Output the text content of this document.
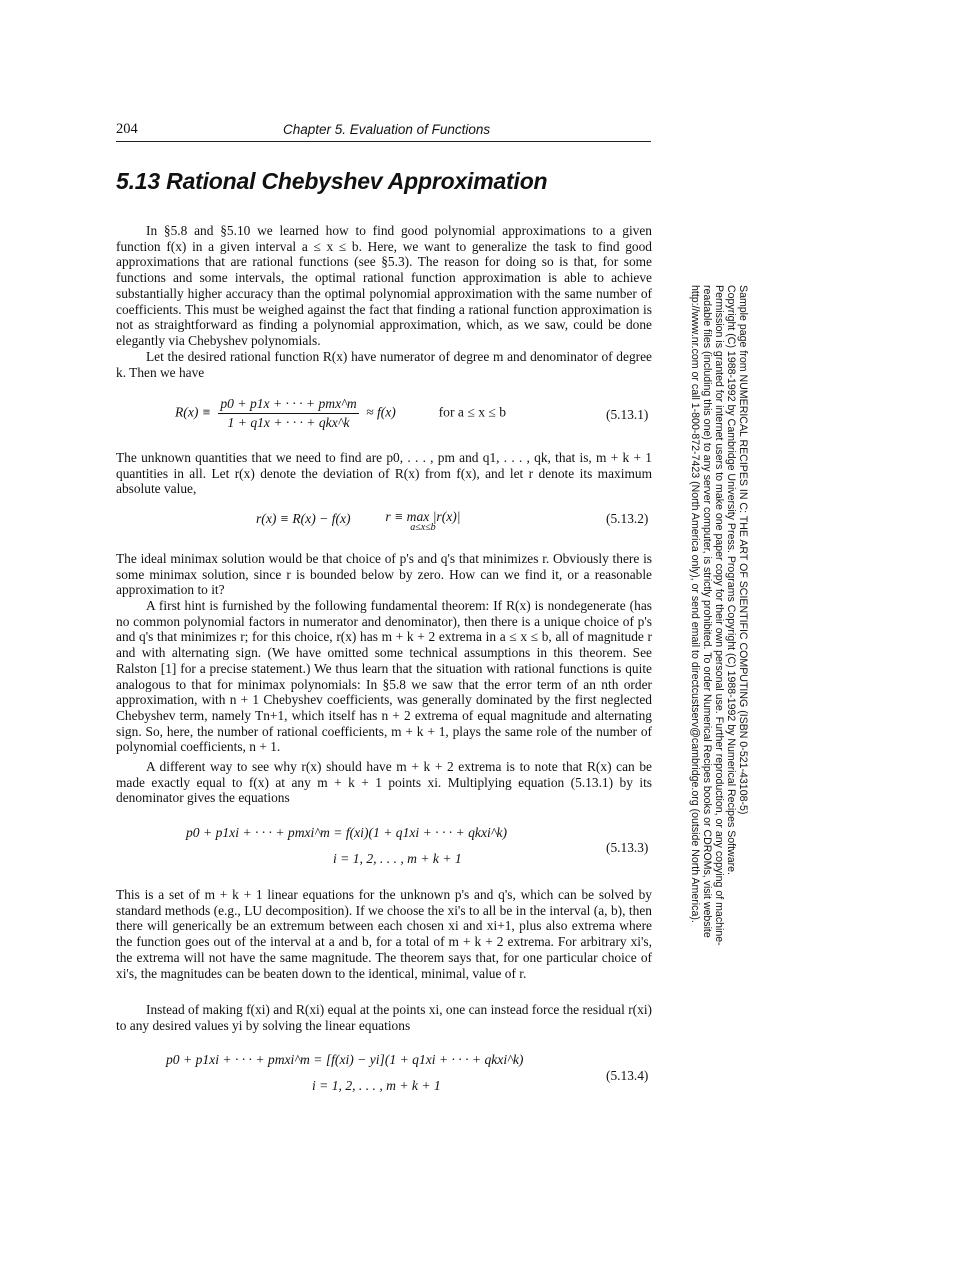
204	Chapter 5. Evaluation of Functions
5.13 Rational Chebyshev Approximation

In §5.8 and §5.10 we learned how to find good polynomial approximations to a given function f(x) in a given interval a ≤ x ≤ b. Here, we want to generalize the task to find good approximations that are rational functions (see §5.3). The reason for doing so is that, for some functions and some intervals, the optimal rational function approximation is able to achieve substantially higher accuracy than the optimal polynomial approximation with the same number of coefficients. This must be weighed against the fact that finding a rational function approximation is not as straightforward as finding a polynomial approximation, which, as we saw, could be done elegantly via Chebyshev polynomials.

Let the desired rational function R(x) have numerator of degree m and denominator of degree k. Then we have

$R(x) \equiv \frac{\text{p0 + p1x + · · · + pmx\textasciicircum{}m}}{\text{1 + q1x + · · · + qkx\textasciicircum{}k}} \approx f(x)$	for a ≤ x ≤ b	(5.13.1)

The unknown quantities that we need to find are p0, . . . , pm and q1, . . . , qk, that is, m + k + 1 quantities in all. Let r(x) denote the deviation of R(x) from f(x), and let r denote its maximum absolute value,

r(x) ≡ R(x) − f(x)	r ≡ max |r(x)|
a≤x≤b
(5.13.2)

The ideal minimax solution would be that choice of p's and q's that minimizes r. Obviously there is some minimax solution, since r is bounded below by zero. How can we find it, or a reasonable approximation to it?

A first hint is furnished by the following fundamental theorem: If R(x) is nondegenerate (has no common polynomial factors in numerator and denominator), then there is a unique choice of p's and q's that minimizes r; for this choice, r(x) has m + k + 2 extrema in a ≤ x ≤ b, all of magnitude r and with alternating sign. (We have omitted some technical assumptions in this theorem. See Ralston [1] for a precise statement.) We thus learn that the situation with rational functions is quite analogous to that for minimax polynomials: In §5.8 we saw that the error term of an nth order approximation, with n + 1 Chebyshev coefficients, was generally dominated by the first neglected Chebyshev term, namely Tn+1, which itself has n + 2 extrema of equal magnitude and alternating sign. So, here, the number of rational coefficients, m + k + 1, plays the same role of the number of polynomial coefficients, n + 1.

A different way to see why r(x) should have m + k + 2 extrema is to note that R(x) can be made exactly equal to f(x) at any m + k + 1 points xi. Multiplying equation (5.13.1) by its denominator gives the equations

p0 + p1xi + · · · + pmxi^m = f(xi)(1 + q1xi + · · · + qkxi^k)
i = 1, 2, . . . , m + k + 1
(5.13.3)

This is a set of m + k + 1 linear equations for the unknown p's and q's, which can be solved by standard methods (e.g., LU decomposition). If we choose the xi's to all be in the interval (a, b), then there will generically be an extremum between each chosen xi and xi+1, plus also extrema where the function goes out of the interval at a and b, for a total of m + k + 2 extrema. For arbitrary xi's, the extrema will not have the same magnitude. The theorem says that, for one particular choice of xi's, the magnitudes can be beaten down to the identical, minimal, value of r.

Instead of making f(xi) and R(xi) equal at the points xi, one can instead force the residual r(xi) to any desired values yi by solving the linear equations

p0 + p1xi + · · · + pmxi^m = [f(xi) − yi](1 + q1xi + · · · + qkxi^k)
i = 1, 2, . . . , m + k + 1
(5.13.4)
Sample page from NUMERICAL RECIPES IN C: THE ART OF SCIENTIFIC COMPUTING (ISBN 0-521-43108-5)
Copyright (C) 1988-1992 by Cambridge University Press. Programs Copyright (C) 1988-1992 by Numerical Recipes Software.
Permission is granted for internet users to make one paper copy for their own personal use. Further reproduction, or any copying of machine-
readable files (including this one) to any server computer, is strictly prohibited. To order Numerical Recipes books or CDROMs, visit website
http://www.nr.com or call 1-800-872-7423 (North America only), or send email to directcustserv@cambridge.org (outside North America).
